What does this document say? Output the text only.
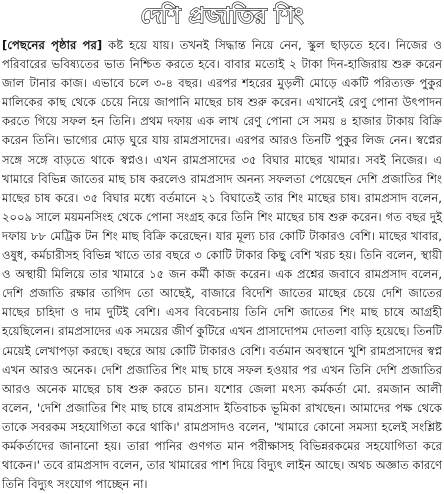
দেশি প্রজাতির শিং

[পেছনের পৃষ্ঠার পর] কষ্ট হয়ে যায়। তখনই সিদ্ধান্ত নিয়ে নেন, স্কুল ছাড়তে হবে। নিজের ও পরিবারের ভবিষ্যতের ভাত নিশ্চিত করতে হবে। বাবার মতোই ২ টাকা দিন-হাজিরায় শুরু করেন জাল টানার কাজ। এভাবে চলে ৩-৪ বছর। এরপর শহরের মুড়লী মোড়ে একটি পরিত্যক্ত পুকুর মালিকের কাছ থেকে চেয়ে নিয়ে জাপানি মাছের চাষ শুরু করেন। এখানেই রেণু পোনা উৎপাদন করতে গিয়ে সফল হন তিনি। প্রথম দফায় এক লাখ রেণু পোনা সে সময় ৪ হাজার টাকায় বিক্রি করেন তিনি। ভাগ্যের মোড় ঘুরে যায় রামপ্রসাদের। এরপর আরও তিনটি পুকুর লিজ নেন। স্বপ্নের সঙ্গে সঙ্গে বাড়তে থাকে স্বপ্নও। এখন রামপ্রসাদের ৩৫ বিঘার মাছের খামার। সবই নিজের। এ খামারে বিভিন্ন জাতের মাছ চাষ করলেও রামপ্রসাদ অনন্য সফলতা পেয়েছেন দেশি প্রজাতির শিং মাছের চাষ করে। ৩৫ বিঘার মধ্যে বর্তমানে ২১ বিঘাতেই তার শিং মাছের চাষ। রামপ্রসাদ বলেন, ২০০৯ সালে ময়মনসিংহ থেকে পোনা সংগ্রহ করে তিনি শিং মাছের চাষ শুরু করেন। গত বছর দুই দফায় ৮৮ মেট্রিক টন শিং মাছ বিক্রি করেছেন। যার মূল্য চার কোটি টাকারও বেশি। মাছের খাবার, ওষুধ, কর্মচারীসহ বিভিন্ন খাতে তার বছরে ৩ কোটি টাকার কিছু বেশি খরচ হয়। তিনি বলেন, স্থায়ী ও অস্থায়ী মিলিয়ে তার খামারে ১৫ জন কর্মী কাজ করেন। এক প্রশ্নের জবাবে রামপ্রসাদ বলেন, দেশি প্রজাতি রক্ষার তাগিদ তো আছেই, বাজারে বিদেশি জাতের মাছের চেয়ে দেশি জাতের মাছের চাহিদা ও দাম দুটিই বেশি। এসব বিবেচনায় তিনি দেশি জাতের শিং মাছ চাষে আগ্রহী হয়েছিলেন। রামপ্রসাদের এক সময়ের জীর্ণ কুটিরে এখন প্রাসাদোপম দোতলা বাড়ি হয়েছে। তিনটি মেয়েই লেখাপড়া করছে। বছরে আয় কোটি টাকারও বেশি। বর্তমান অবস্থানে খুশি রামপ্রসাদের স্বপ্ন এখন আরও অনেক। দেশি প্রজাতির শিং মাছ চাষে সফল হওয়ার পর এখন তিনি দেশি প্রজাতির আরও অনেক মাছের চাষ শুরু করতে চান। যশোর জেলা মৎস্য কর্মকর্তা মো. রমজান আলী বলেন, 'দেশি প্রজাতির শিং মাছ চাষে রামপ্রসাদ ইতিবাচক ভূমিকা রাখছেন। আমাদের পক্ষ থেকে তাকে সবরকম সহযোগিতা করে থাকি।' রামপ্রসাদও বলেন, 'খামারে কোনো সমস্যা হলেই সংশ্লিষ্ট কর্মকর্তাদের জানানো হয়। তারা পানির গুণগত মান পরীক্ষাসহ বিভিন্নরকমের সহযোগিতা করে থাকেন।' তবে রামপ্রসাদ বলেন, তার খামারের পাশ দিয়ে বিদ্যুৎ লাইন আছে। অথচ অজ্ঞাত কারণে তিনি বিদ্যুৎ সংযোগ পাচ্ছেন না।
